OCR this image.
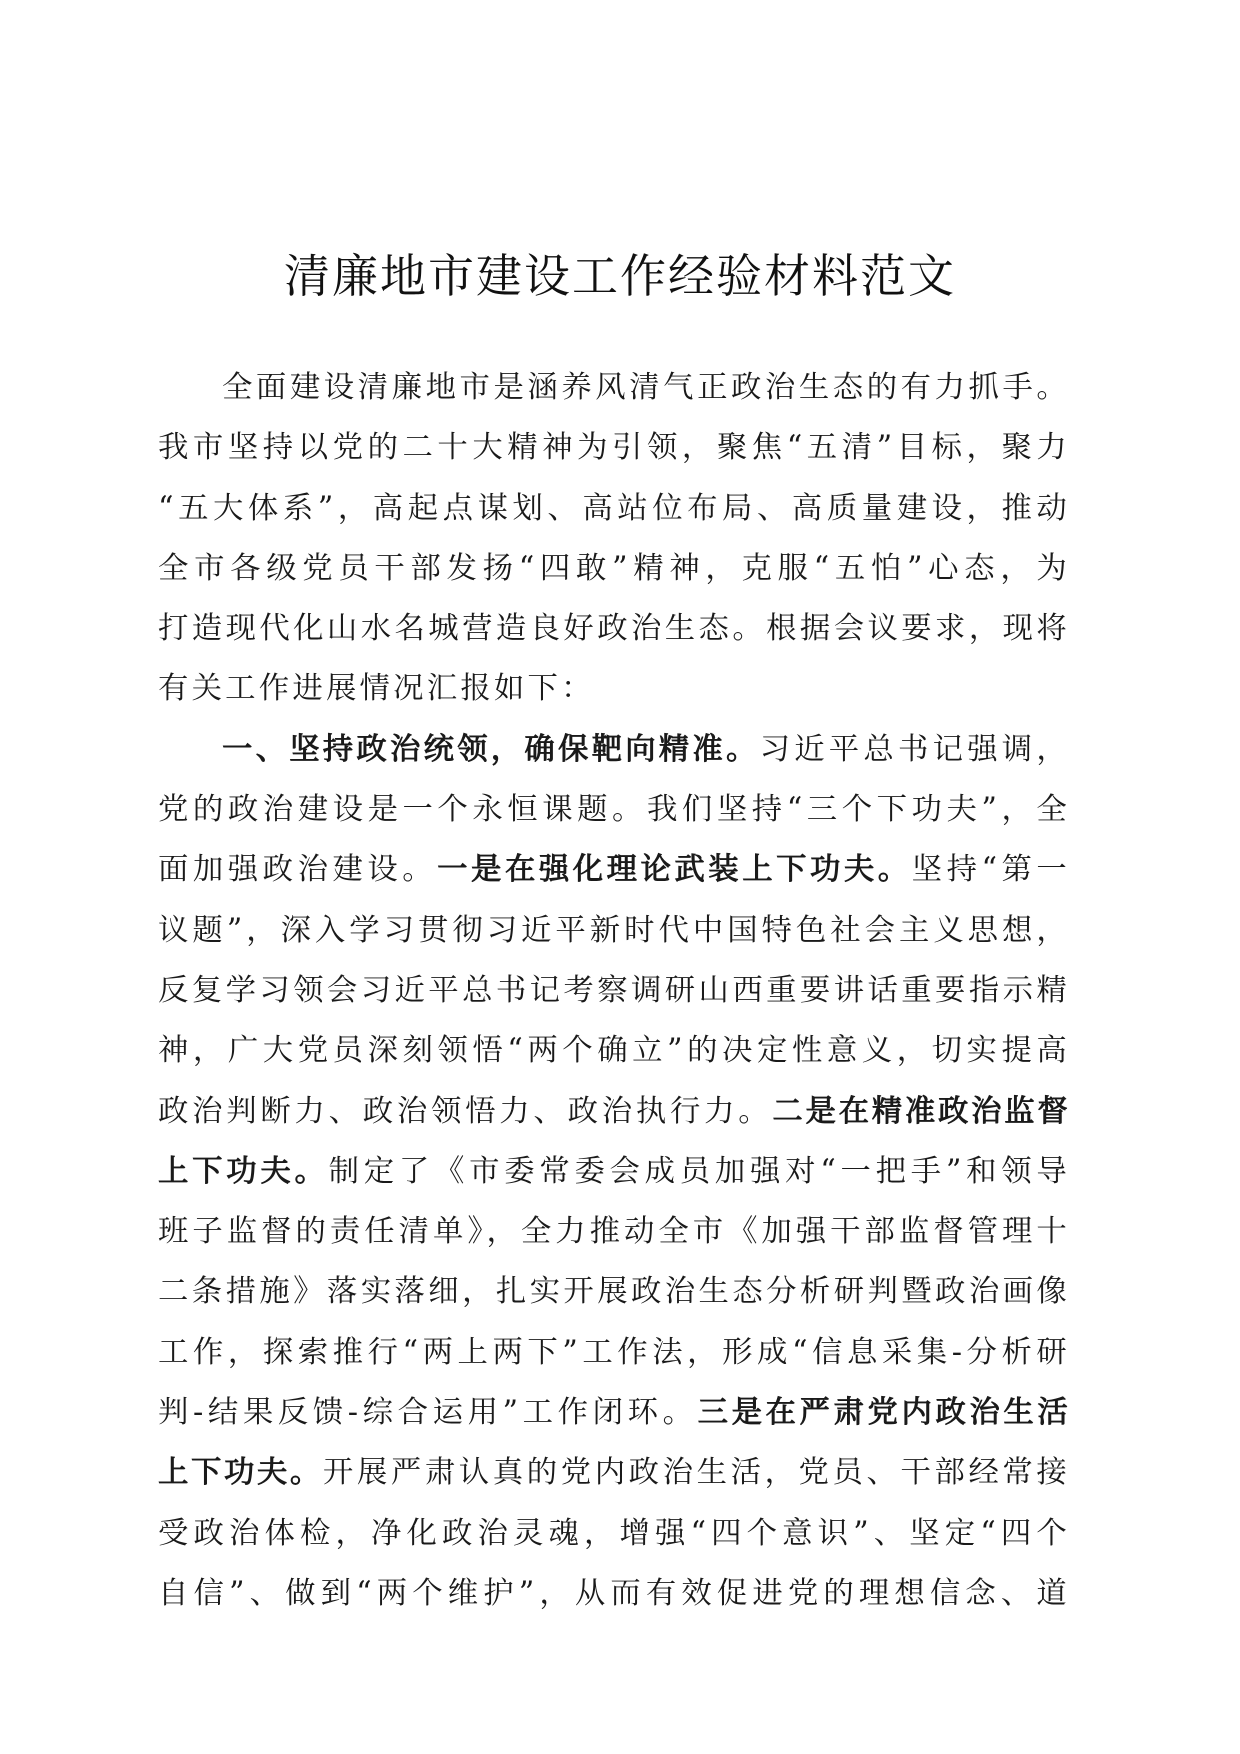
清廉地市建设工作经验材料范文
全面建设清廉地市是涵养风清气正政治生态的有力抓手。
我市坚持以党的二十大精神为引领，聚焦“五清”目标，聚力
“五大体系”，高起点谋划、高站位布局、高质量建设，推动
全市各级党员干部发扬“四敢”精神，克服“五怕”心态，为
打造现代化山水名城营造良好政治生态。根据会议要求，现将
有关工作进展情况汇报如下：
一、坚持政治统领，确保靶向精准。习近平总书记强调，
党的政治建设是一个永恒课题。我们坚持“三个下功夫”，全
面加强政治建设。一是在强化理论武装上下功夫。坚持“第一
议题”，深入学习贯彻习近平新时代中国特色社会主义思想，
反复学习领会习近平总书记考察调研山西重要讲话重要指示精
神，广大党员深刻领悟“两个确立”的决定性意义，切实提高
政治判断力、政治领悟力、政治执行力。二是在精准政治监督
上下功夫。制定了《市委常委会成员加强对“一把手”和领导
班子监督的责任清单》，全力推动全市《加强干部监督管理十
二条措施》落实落细，扎实开展政治生态分析研判暨政治画像
工作，探索推行“两上两下”工作法，形成“信息采集-分析研
判-结果反馈-综合运用”工作闭环。三是在严肃党内政治生活
上下功夫。开展严肃认真的党内政治生活，党员、干部经常接
受政治体检，净化政治灵魂，增强“四个意识”、坚定“四个
自信”、做到“两个维护”，从而有效促进党的理想信念、道
